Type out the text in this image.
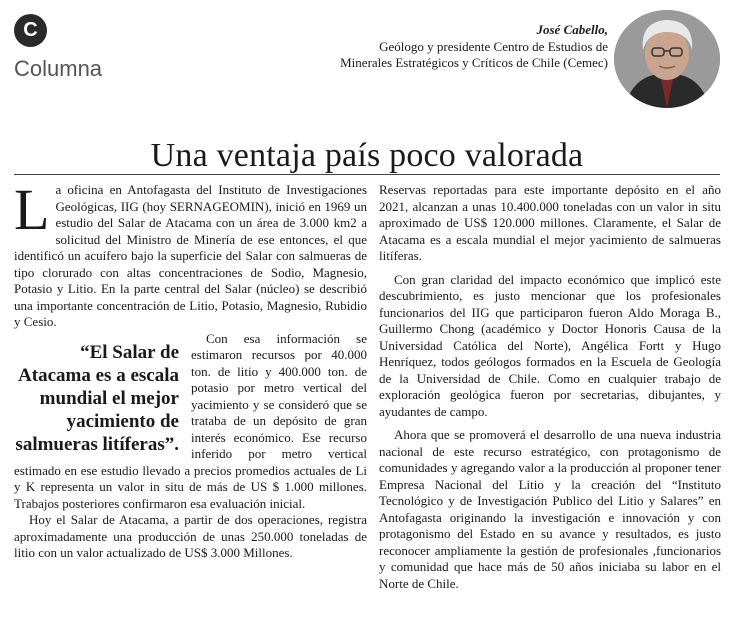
C
Columna
José Cabello,
Geólogo y presidente Centro de Estudios de
Minerales Estratégicos y Críticos de Chile (Cemec)
Una ventaja país poco valorada

La oficina en Antofagasta del Instituto de Investigaciones Geológicas, IIG (hoy SERNAGEOMIN), inició en 1969 un estudio del Salar de Atacama con un área de 3.000 km2 a solicitud del Ministro de Minería de ese entonces, el que identificó un acuífero bajo la superficie del Salar con salmueras de tipo clorurado con altas concentraciones de Sodio, Magnesio, Potasio y Litio. En la parte central del Salar (núcleo) se describió una importante concentración de Litio, Potasio, Magnesio, Rubidio y Cesio.

“El Salar de Atacama es a escala mundial el mejor yacimiento de salmueras litíferas”.

Con esa información se estimaron recursos por 40.000 ton. de litio y 400.000 ton. de potasio por metro vertical del yacimiento y se consideró que se trataba de un depósito de gran interés económico. Ese recurso inferido por metro vertical estimado en ese estudio llevado a precios promedios actuales de Li y K representa un valor in situ de más de US $ 1.000 millones. Trabajos posteriores confirmaron esa evaluación inicial.

Hoy el Salar de Atacama, a partir de dos operaciones, registra aproximadamente una producción de unas 250.000 toneladas de litio con un valor actualizado de US$ 3.000 Millones.

Reservas reportadas para este importante depósito en el año 2021, alcanzan a unas 10.400.000 toneladas con un valor in situ aproximado de US$ 120.000 millones. Claramente, el Salar de Atacama es a escala mundial el mejor yacimiento de salmueras litíferas.

Con gran claridad del impacto económico que implicó este descubrimiento, es justo mencionar que los profesionales funcionarios del IIG que participaron fueron Aldo Moraga B., Guillermo Chong (académico y Doctor Honoris Causa de la Universidad Católica del Norte), Angélica Fortt y Hugo Henríquez, todos geólogos formados en la Escuela de Geología de la Universidad de Chile. Como en cualquier trabajo de exploración geológica fueron por secretarias, dibujantes, y ayudantes de campo.

Ahora que se promoverá el desarrollo de una nueva industria nacional de este recurso estratégico, con protagonismo de comunidades y agregando valor a la producción al proponer tener Empresa Nacional del Litio y la creación del “Instituto Tecnológico y de Investigación Publico del Litio y Salares” en Antofagasta originando la investigación e innovación y con protagonismo del Estado en su avance y resultados, es justo reconocer ampliamente la gestión de profesionales ,funcionarios y comunidad que hace más de 50 años iniciaba su labor en el Norte de Chile.
